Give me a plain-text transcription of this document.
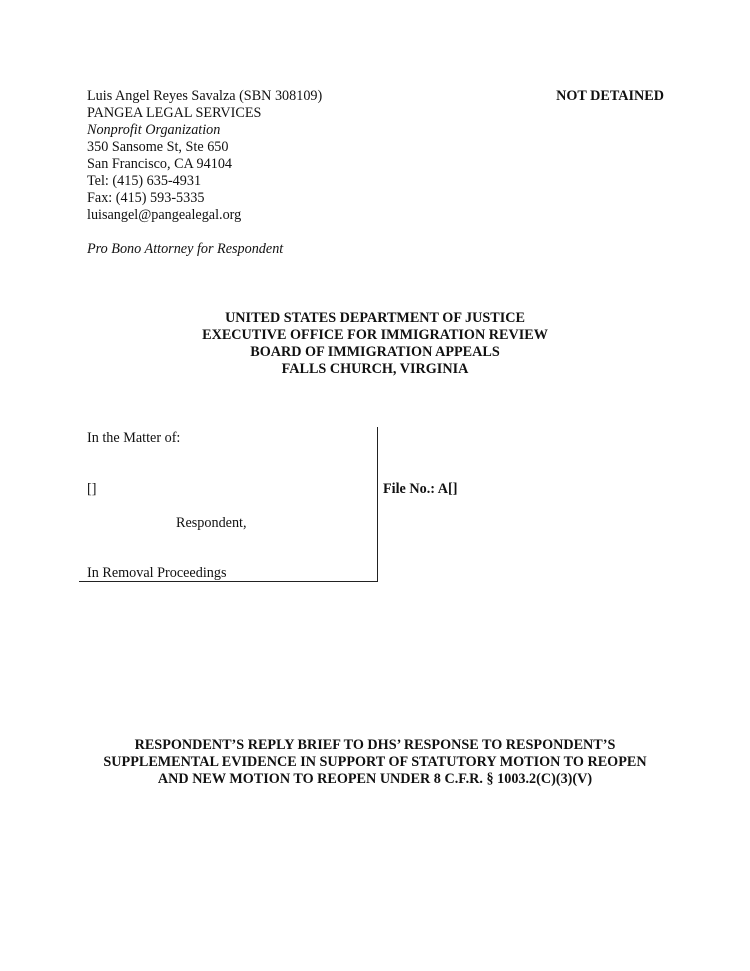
Luis Angel Reyes Savalza (SBN 308109)
PANGEA LEGAL SERVICES
Nonprofit Organization
350 Sansome St, Ste 650
San Francisco, CA 94104
Tel: (415) 635-4931
Fax: (415) 593-5335
luisangel@pangealegal.org
Pro Bono Attorney for Respondent
NOT DETAINED
UNITED STATES DEPARTMENT OF JUSTICE
EXECUTIVE OFFICE FOR IMMIGRATION REVIEW
BOARD OF IMMIGRATION APPEALS
FALLS CHURCH, VIRGINIA
In the Matter of:
[]
Respondent,
In Removal Proceedings
File No.: A[]
RESPONDENT’S REPLY BRIEF TO DHS’ RESPONSE TO RESPONDENT’S
SUPPLEMENTAL EVIDENCE IN SUPPORT OF STATUTORY MOTION TO REOPEN
AND NEW MOTION TO REOPEN UNDER 8 C.F.R. § 1003.2(C)(3)(V)
